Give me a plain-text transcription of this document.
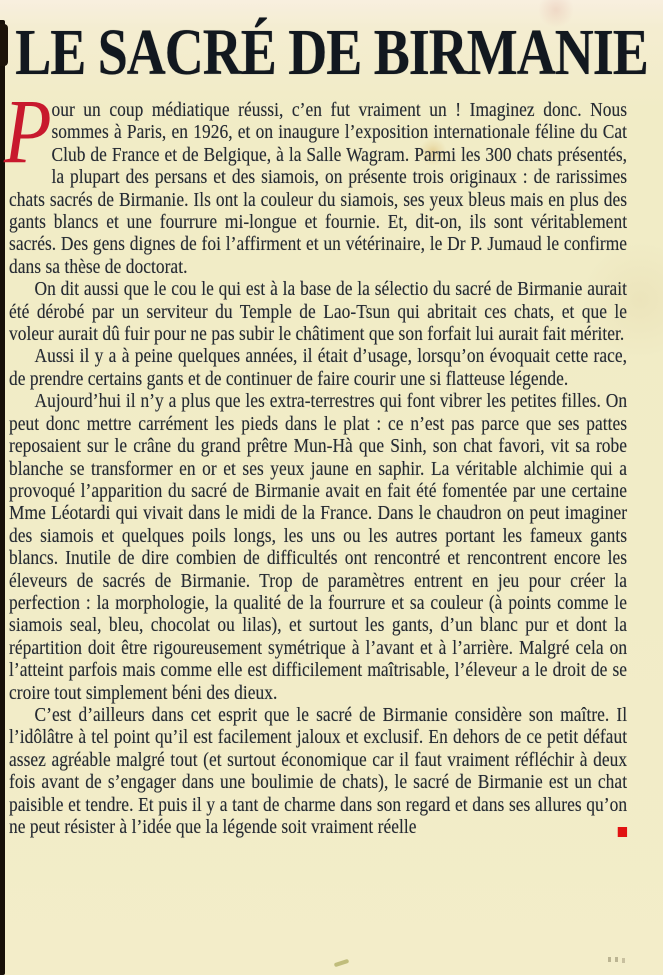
LE SACRÉ DE BIRMANIE

Pour un coup médiatique réussi, c’en fut vraiment un ! Imaginez donc. Nous sommes à Paris, en 1926, et on inaugure l’exposition internationale féline du Cat Club de France et de Belgique, à la Salle Wagram. Parmi les 300 chats présentés, la plupart des persans et des siamois, on présente trois originaux : de rarissimes chats sacrés de Birmanie. Ils ont la couleur du siamois, ses yeux bleus mais en plus des gants blancs et une fourrure mi-longue et fournie. Et, dit-on, ils sont véritablement sacrés. Des gens dignes de foi l’affirment et un vétérinaire, le Dr P. Jumaud le confirme dans sa thèse de doctorat.

On dit aussi que le cou le qui est à la base de la sélectio du sacré de Birmanie aurait été dérobé par un serviteur du Temple de Lao-Tsun qui abritait ces chats, et que le voleur aurait dû fuir pour ne pas subir le châtiment que son forfait lui aurait fait mériter.

Aussi il y a à peine quelques années, il était d’usage, lorsqu’on évoquait cette race, de prendre certains gants et de continuer de faire courir une si flatteuse légende.

Aujourd’hui il n’y a plus que les extra-terrestres qui font vibrer les petites filles. On peut donc mettre carrément les pieds dans le plat : ce n’est pas parce que ses pattes reposaient sur le crâne du grand prêtre Mun-Hà que Sinh, son chat favori, vit sa robe blanche se transformer en or et ses yeux jaune en saphir. La véritable alchimie qui a provoqué l’apparition du sacré de Birmanie avait en fait été fomentée par une certaine Mme Léotardi qui vivait dans le midi de la France. Dans le chaudron on peut imaginer des siamois et quelques poils longs, les uns ou les autres portant les fameux gants blancs. Inutile de dire combien de difficultés ont rencontré et rencontrent encore les éleveurs de sacrés de Birmanie. Trop de paramètres entrent en jeu pour créer la perfection : la morphologie, la qualité de la fourrure et sa couleur (à points comme le siamois seal, bleu, chocolat ou lilas), et surtout les gants, d’un blanc pur et dont la répartition doit être rigoureusement symétrique à l’avant et à l’arrière. Malgré cela on l’atteint parfois mais comme elle est difficilement maîtrisable, l’éleveur a le droit de se croire tout simplement béni des dieux.

C’est d’ailleurs dans cet esprit que le sacré de Birmanie considère son maître. Il l’idôlâtre à tel point qu’il est facilement jaloux et exclusif. En dehors de ce petit défaut assez agréable malgré tout (et surtout économique car il faut vraiment réfléchir à deux fois avant de s’engager dans une boulimie de chats), le sacré de Birmanie est un chat paisible et tendre. Et puis il y a tant de charme dans son regard et dans ses allures qu’on ne peut résister à l’idée que la légende soit vraiment réelle
